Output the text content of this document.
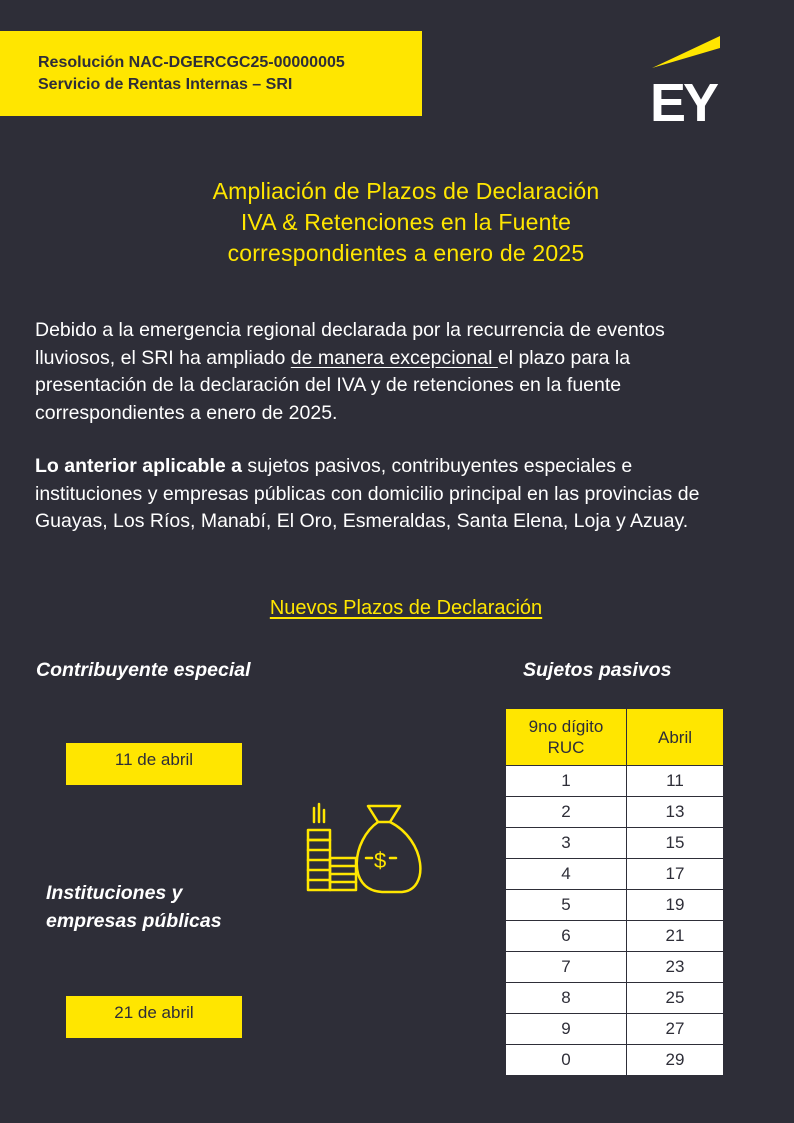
Resolución NAC-DGERCGC25-00000005
Servicio de Rentas Internas – SRI	EY
Ampliación de Plazos de Declaración
IVA & Retenciones en la Fuente
correspondientes a enero de 2025
Debido a la emergencia regional declarada por la recurrencia de eventos lluviosos, el SRI ha ampliado de manera excepcional el plazo para la presentación de la declaración del IVA y de retenciones en la fuente correspondientes a enero de 2025.
Lo anterior aplicable a sujetos pasivos, contribuyentes especiales e instituciones y empresas públicas con domicilio principal en las provincias de Guayas, Los Ríos, Manabí, El Oro, Esmeraldas, Santa Elena, Loja y Azuay.
Nuevos Plazos de Declaración
Contribuyente especial	Sujetos pasivos
11 de abril
Instituciones y
empresas públicas
21 de abril
$
9no dígito
RUC	Abril
1	11
2	13
3	15
4	17
5	19
6	21
7	23
8	25
9	27
0	29
